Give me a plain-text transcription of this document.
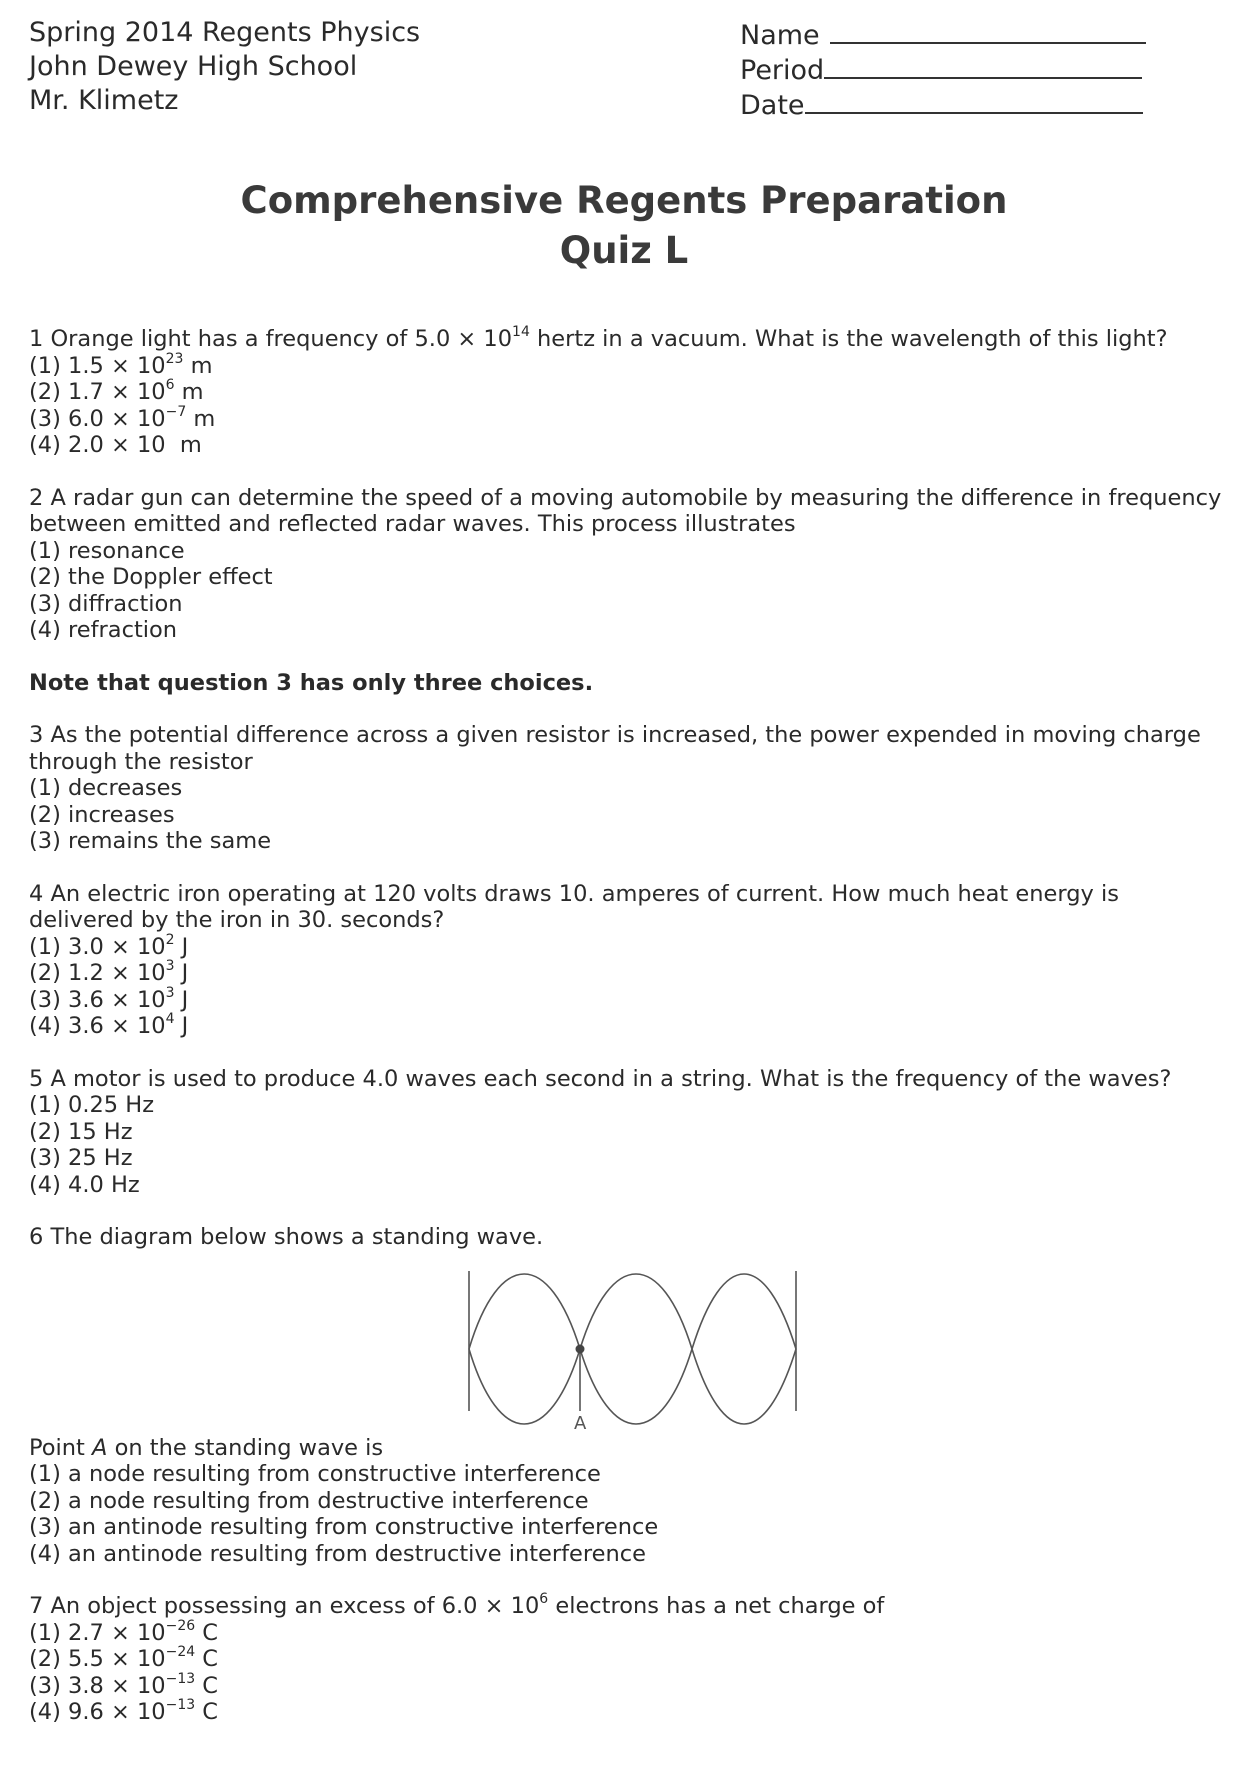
Spring 2014 Regents Physics
John Dewey High School
Mr. Klimetz
Name
Period
Date
Comprehensive Regents Preparation
Quiz L

1 Orange light has a frequency of $5.0 \times 10^{14}$ hertz in a vacuum. What is the wavelength of this light?

(1) $1.5 \times 10^{23}$ m

(2) $1.7 \times 10^6$ m

(3) $6.0 \times 10^{-7}$ m

(4) 2.0 × 10  m

2 A radar gun can determine the speed of a moving automobile by measuring the difference in frequency between emitted and reflected radar waves. This process illustrates

(1) resonance

(2) the Doppler effect

(3) diffraction

(4) refraction

Note that question 3 has only three choices.

3 As the potential difference across a given resistor is increased, the power expended in moving charge through the resistor

(1) decreases

(2) increases

(3) remains the same

4 An electric iron operating at 120 volts draws 10. amperes of current. How much heat energy is delivered by the iron in 30. seconds?

(1) $3.0 \times 10^2$ J

(2) $1.2 \times 10^3$ J

(3) $3.6 \times 10^3$ J

(4) $3.6 \times 10^4$ J

5 A motor is used to produce 4.0 waves each second in a string. What is the frequency of the waves?

(1) 0.25 Hz

(2) 15 Hz

(3) 25 Hz

(4) 4.0 Hz

6 The diagram below shows a standing wave.

A

Point A on the standing wave is

(1) a node resulting from constructive interference

(2) a node resulting from destructive interference

(3) an antinode resulting from constructive interference

(4) an antinode resulting from destructive interference

7 An object possessing an excess of $6.0 \times 10^6$ electrons has a net charge of

(1) $2.7 \times 10^{-26}$ C

(2) $5.5 \times 10^{-24}$ C

(3) $3.8 \times 10^{-13}$ C

(4) $9.6 \times 10^{-13}$ C
